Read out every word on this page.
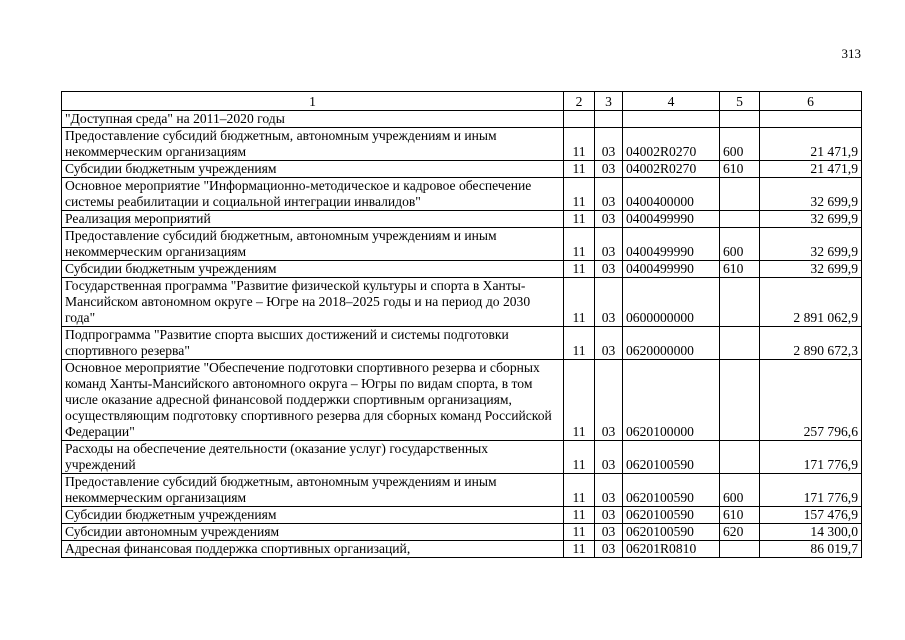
313
1	2	3	4	5	6
"Доступная среда" на 2011–2020 годы					
Предоставление субсидий бюджетным, автономным учреждениям и иным некоммерческим организациям	11	03	04002R0270	600	21 471,9
Субсидии бюджетным учреждениям	11	03	04002R0270	610	21 471,9
Основное мероприятие "Информационно-методическое и кадровое обеспечение системы реабилитации и социальной интеграции инвалидов"	11	03	0400400000		32 699,9
Реализация мероприятий	11	03	0400499990		32 699,9
Предоставление субсидий бюджетным, автономным учреждениям и иным некоммерческим организациям	11	03	0400499990	600	32 699,9
Субсидии бюджетным учреждениям	11	03	0400499990	610	32 699,9
Государственная программа "Развитие физической культуры и спорта в Ханты-Мансийском автономном округе – Югре на 2018–2025 годы и на период до 2030 года"	11	03	0600000000		2 891 062,9
Подпрограмма "Развитие спорта высших достижений и системы подготовки спортивного резерва"	11	03	0620000000		2 890 672,3
Основное мероприятие "Обеспечение подготовки спортивного резерва и сборных команд Ханты-Мансийского автономного округа – Югры по видам спорта, в том числе оказание адресной финансовой поддержки спортивным организациям, осуществляющим подготовку спортивного резерва для сборных команд Российской Федерации"	11	03	0620100000		257 796,6
Расходы на обеспечение деятельности (оказание услуг) государственных учреждений	11	03	0620100590		171 776,9
Предоставление субсидий бюджетным, автономным учреждениям и иным некоммерческим организациям	11	03	0620100590	600	171 776,9
Субсидии бюджетным учреждениям	11	03	0620100590	610	157 476,9
Субсидии автономным учреждениям	11	03	0620100590	620	14 300,0
Адресная финансовая поддержка спортивных организаций,	11	03	06201R0810		86 019,7
